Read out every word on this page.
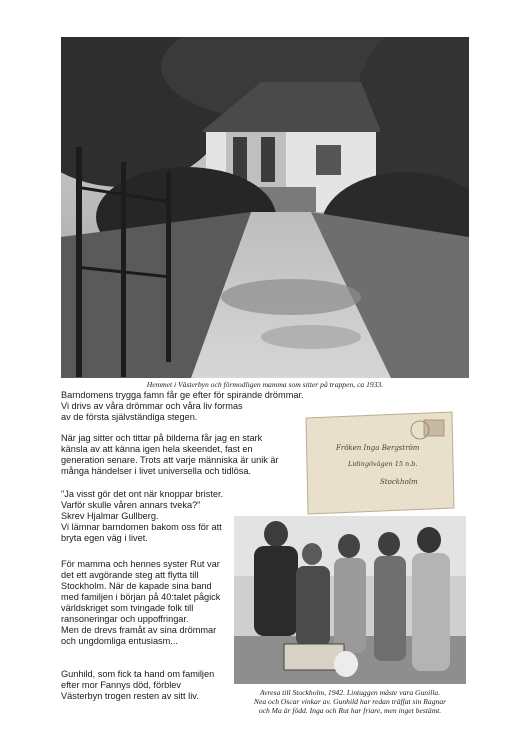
Hemmet i Västerbyn och förmodligen mamma som sitter på trappen, ca 1933.
Fröken Inga Bergström
Lidingövägen 15 n.b.
Stockholm
Avresa till Stockholm, 1942. Lintuggen måste vara Gunilla.
Nea och Oscar vinkar av. Gunhild har redan träffat sin Ragnar
och Ma är född. Inga och Rut har friare, men inget bestämt.
Barndomens trygga famn får ge efter för spirande drömmar.
Vi drivs av våra drömmar och våra liv formas
av de första självständiga stegen.
När jag sitter och tittar på bilderna får jag en stark
känsla av att känna igen hela skeendet, fast en
generation senare. Trots att varje människa är unik är
många händelser i livet universella och tidlösa.
"Ja visst gör det ont när knoppar brister.
Varför skulle våren annars tveka?"
Skrev Hjalmar Gullberg.
Vi lämnar barndomen bakom oss för att
bryta egen väg i livet.
För mamma och hennes syster Rut var
det ett avgörande steg att flytta till
Stockholm. När de kapade sina band
med familjen i början på 40:talet pågick
världskriget som tvingade folk till
ransoneringar och uppoffringar.
Men de drevs framåt av sina drömmar
och ungdomliga entusiasm...
Gunhild, som fick ta hand om familjen
efter mor Fannys död, förblev
Västerbyn trogen resten av sitt liv.
